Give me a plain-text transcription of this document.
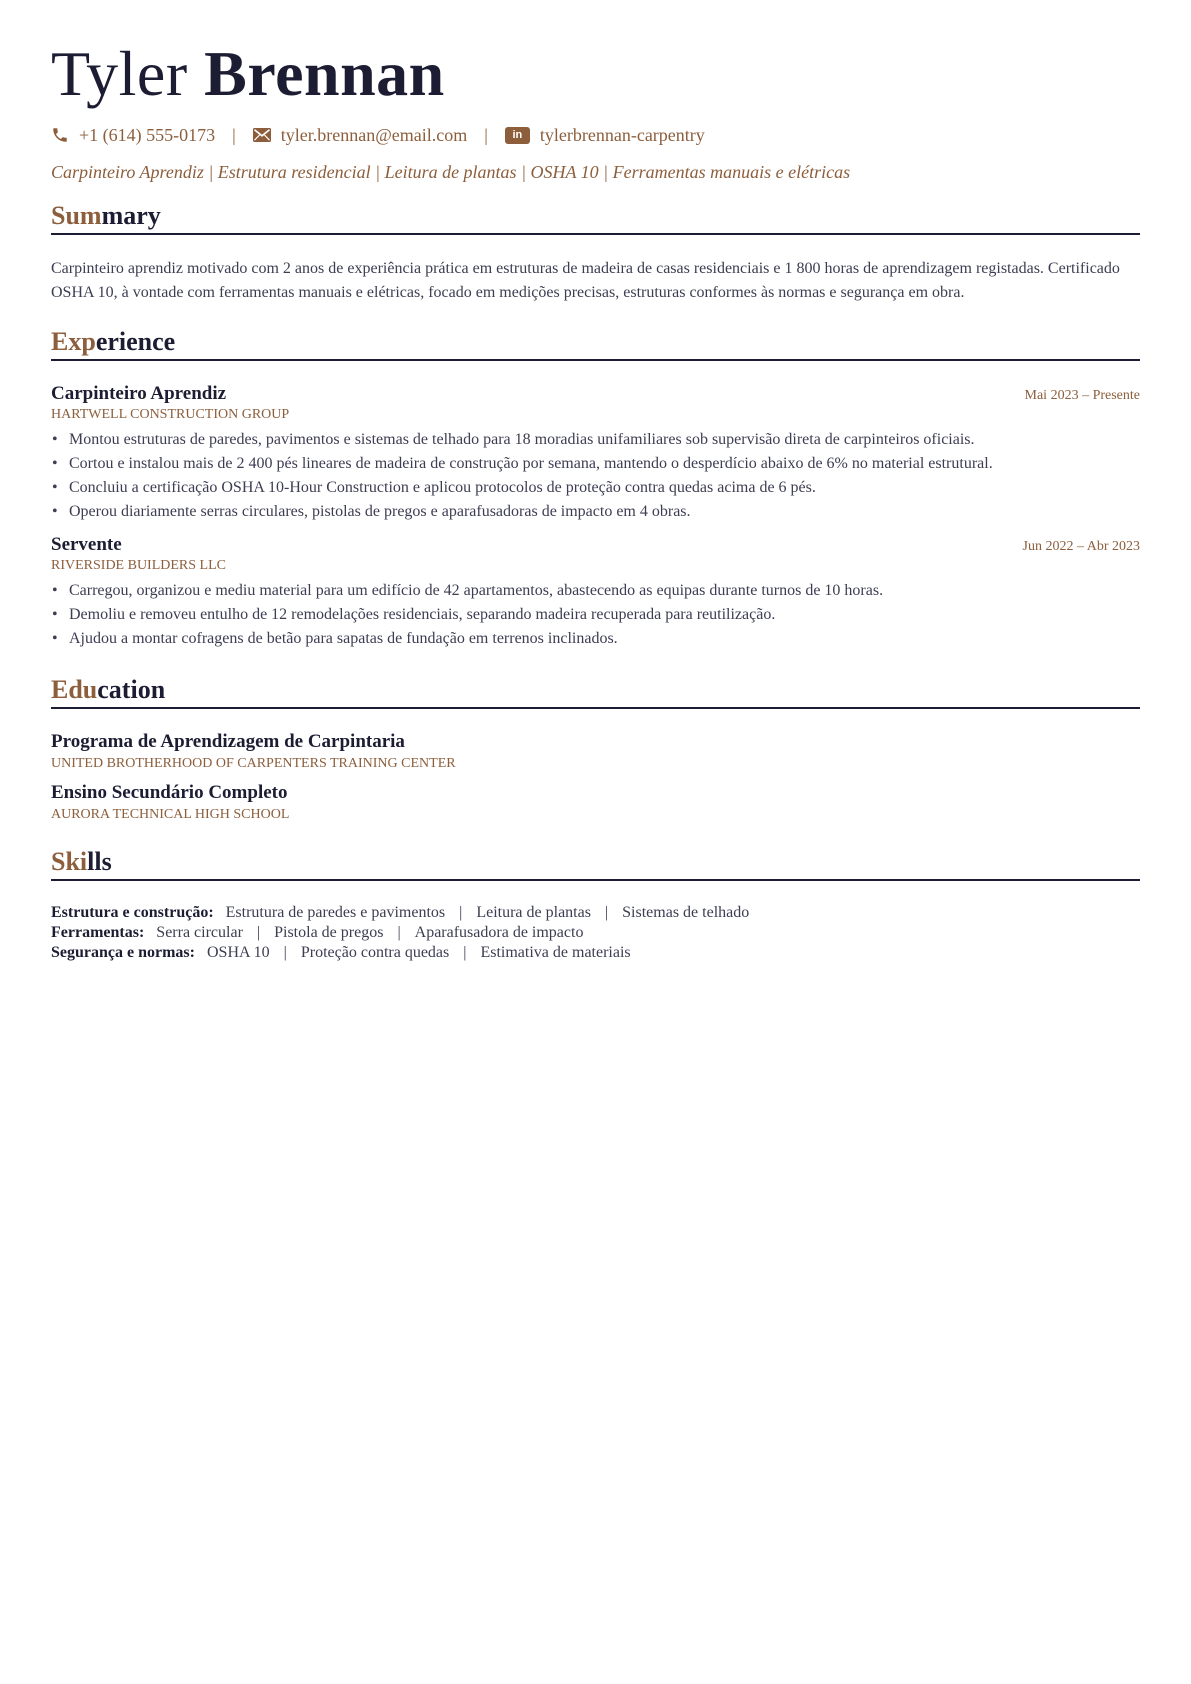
Tyler Brennan
+1 (614) 555-0173 |	tyler.brennan@email.com |	in tylerbrennan-carpentry
Carpinteiro Aprendiz | Estrutura residencial | Leitura de plantas | OSHA 10 | Ferramentas manuais e elétricas
Sum mary

Carpinteiro aprendiz motivado com 2 anos de experiência prática em estruturas de madeira de casas residenciais e 1 800 horas de aprendizagem registadas. Certificado OSHA 10, à vontade com ferramentas manuais e elétricas, focado em medições precisas, estruturas conformes às normas e segurança em obra.

Exp erience
Carpinteiro Aprendiz	Mai 2023 – Presente
HARTWELL CONSTRUCTION GROUP
• Montou estruturas de paredes, pavimentos e sistemas de telhado para 18 moradias unifamiliares sob supervisão direta de carpinteiros oficiais.
• Cortou e instalou mais de 2 400 pés lineares de madeira de construção por semana, mantendo o desperdício abaixo de 6% no material estrutural.
• Concluiu a certificação OSHA 10-Hour Construction e aplicou protocolos de proteção contra quedas acima de 6 pés.
• Operou diariamente serras circulares, pistolas de pregos e aparafusadoras de impacto em 4 obras.
Servente	Jun 2022 – Abr 2023
RIVERSIDE BUILDERS LLC
• Carregou, organizou e mediu material para um edifício de 42 apartamentos, abastecendo as equipas durante turnos de 10 horas.
• Demoliu e removeu entulho de 12 remodelações residenciais, separando madeira recuperada para reutilização.
• Ajudou a montar cofragens de betão para sapatas de fundação em terrenos inclinados.
Edu cation
Programa de Aprendizagem de Carpintaria
UNITED BROTHERHOOD OF CARPENTERS TRAINING CENTER
Ensino Secundário Completo
AURORA TECHNICAL HIGH SCHOOL
Ski lls
Estrutura e construção: Estrutura de paredes e pavimentos | Leitura de plantas | Sistemas de telhado
Ferramentas: Serra circular | Pistola de pregos | Aparafusadora de impacto
Segurança e normas: OSHA 10 | Proteção contra quedas | Estimativa de materiais
